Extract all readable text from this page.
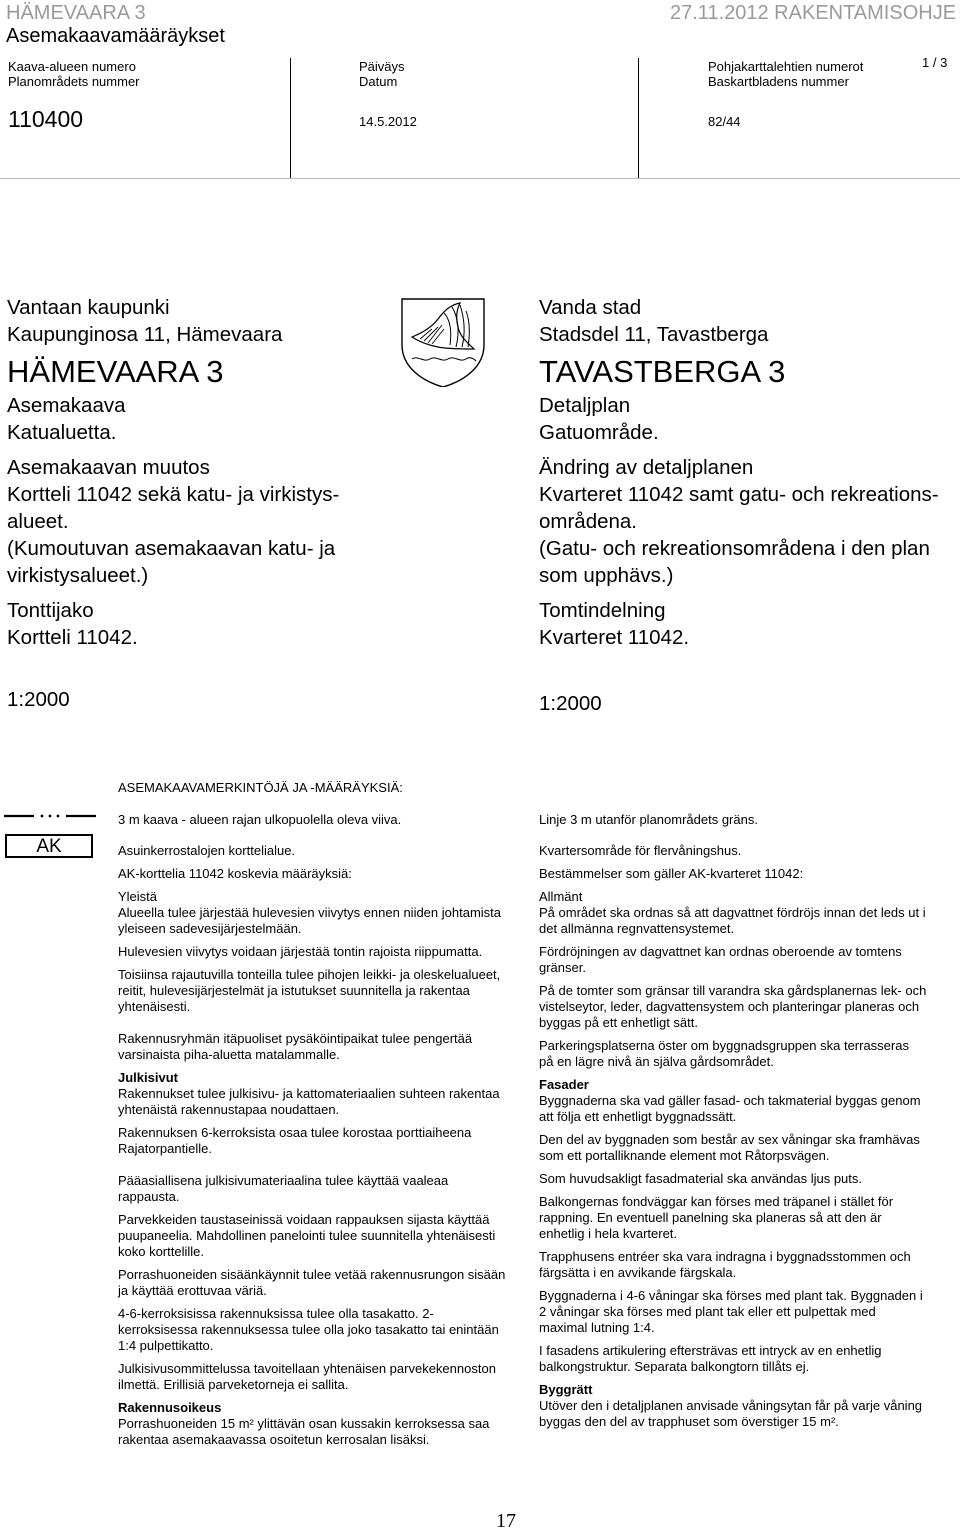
HÄMEVAARA 3	27.11.2012 RAKENTAMISOHJE
Asemakaavamääräykset
Kaava-alueen numero
Planområdets nummer
110400
Päiväys
Datum
14.5.2012
Pohjakarttalehtien numerot
Baskartbladens nummer
82/44
1 / 3
Vantaan kaupunki
Kaupunginosa 11, Hämevaara
HÄMEVAARA 3
Asemakaava
Katualuetta.
Asemakaavan muutos
Kortteli 11042 sekä katu- ja virkistys-
alueet.
(Kumoutuvan asemakaavan katu- ja
virkistysalueet.)
Tonttijako
Kortteli 11042.
1:2000
Vanda stad
Stadsdel 11, Tavastberga
TAVASTBERGA 3
Detaljplan
Gatuområde.
Ändring av detaljplanen
Kvarteret 11042 samt gatu- och rekreations-
områdena.
(Gatu- och rekreationsområdena i den plan
som upphävs.)
Tomtindelning
Kvarteret 11042.
1:2000
ASEMAKAAVAMERKINTÖJÄ JA -MÄÄRÄYKSIÄ:
3 m kaava - alueen rajan ulkopuolella oleva viiva.	Linje 3 m utanför planområdets gräns.
AK	Asuinkerrostalojen korttelialue.	Kvartersområde för flervåningshus.

AK-korttelia 11042 koskevia määräyksiä:

Yleistä

Alueella tulee järjestää hulevesien viivytys ennen niiden johtamista yleiseen sadevesijärjestelmään.

Hulevesien viivytys voidaan järjestää tontin rajoista riippumatta.

Toisiinsa rajautuvilla tonteilla tulee pihojen leikki- ja oleskelualueet, reitit, hulevesijärjestelmät ja istutukset suunnitella ja rakentaa yhtenäisesti.

Rakennusryhmän itäpuoliset pysäköintipaikat tulee pengertää varsinaista piha-aluetta matalammalle.

Julkisivut

Rakennukset tulee julkisivu- ja kattomateriaalien suhteen rakentaa yhtenäistä rakennustapaa noudattaen.

Rakennuksen 6-kerroksista osaa tulee korostaa porttiaiheena Rajatorpantielle.

Pääasiallisena julkisivumateriaalina tulee käyttää vaaleaa rappausta.

Parvekkeiden taustaseinissä voidaan rappauksen sijasta käyttää puupaneelia. Mahdollinen panelointi tulee suunnitella yhtenäisesti koko korttelille.

Porrashuoneiden sisäänkäynnit tulee vetää rakennusrungon sisään ja käyttää erottuvaa väriä.

4-6-kerroksisissa rakennuksissa tulee olla tasakatto. 2-kerroksisessa rakennuksessa tulee olla joko tasakatto tai enintään 1:4 pulpettikatto.

Julkisivusommittelussa tavoitellaan yhtenäisen parvekekennoston ilmettä. Erillisiä parveketorneja ei sallita.

Rakennusoikeus

Porrashuoneiden 15 m² ylittävän osan kussakin kerroksessa saa rakentaa asemakaavassa osoitetun kerrosalan lisäksi.

Bestämmelser som gäller AK-kvarteret 11042:

Allmänt

På området ska ordnas så att dagvattnet fördröjs innan det leds ut i det allmänna regnvattensystemet.

Fördröjningen av dagvattnet kan ordnas oberoende av tomtens gränser.

På de tomter som gränsar till varandra ska gårdsplanernas lek- och vistelseytor, leder, dagvattensystem och planteringar planeras och byggas på ett enhetligt sätt.

Parkeringsplatserna öster om byggnadsgruppen ska terrasseras på en lägre nivå än själva gårdsområdet.

Fasader

Byggnaderna ska vad gäller fasad- och takmaterial byggas genom att följa ett enhetligt byggnadssätt.

Den del av byggnaden som består av sex våningar ska framhävas som ett portalliknande element mot Råtorpsvägen.

Som huvudsakligt fasadmaterial ska användas ljus puts.

Balkongernas fondväggar kan förses med träpanel i stället för rappning. En eventuell panelning ska planeras så att den är enhetlig i hela kvarteret.

Trapphusens entréer ska vara indragna i byggnadsstommen och färgsätta i en avvikande färgskala.

Byggnaderna i 4-6 våningar ska förses med plant tak. Byggnaden i 2 våningar ska förses med plant tak eller ett pulpettak med maximal lutning 1:4.

I fasadens artikulering eftersträvas ett intryck av en enhetlig balkongstruktur. Separata balkongtorn tillåts ej.

Byggrätt

Utöver den i detaljplanen anvisade våningsytan får på varje våning byggas den del av trapphuset som överstiger 15 m².

17
